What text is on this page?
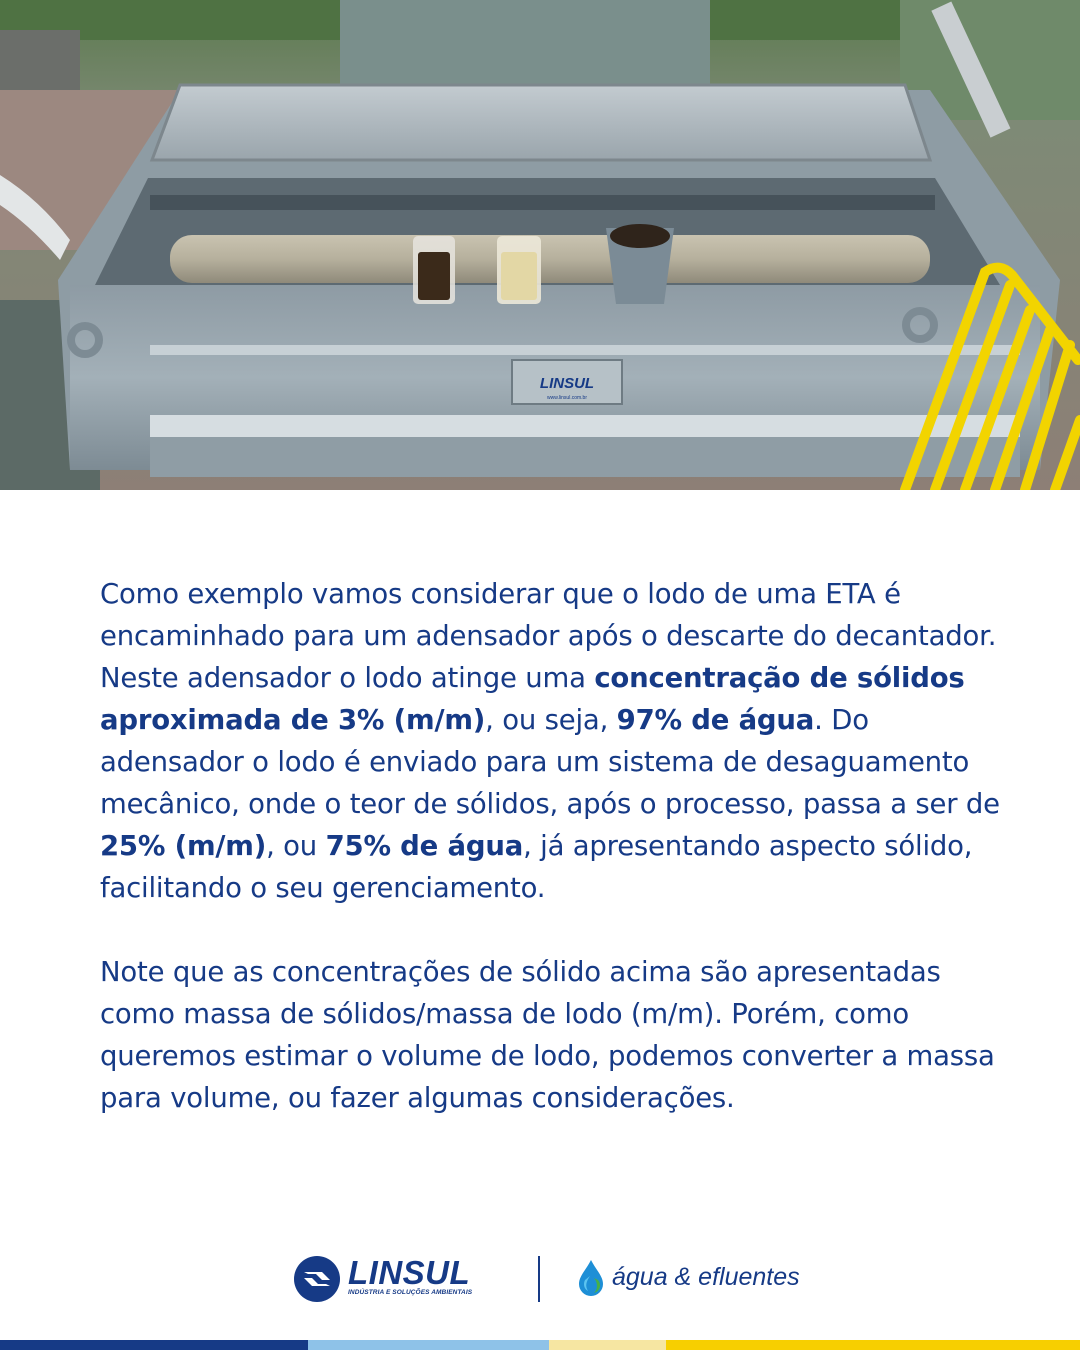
LINSUL
www.linsul.com.br

Como exemplo vamos considerar que o lodo de uma ETA é encaminhado para um adensador após o descarte do decantador. Neste adensador o lodo atinge uma concentração de sólidos aproximada de 3% (m/m), ou seja, 97% de água. Do adensador o lodo é enviado para um sistema de desaguamento mecânico, onde o teor de sólidos, após o processo, passa a ser de 25% (m/m), ou 75% de água, já apresentando aspecto sólido, facilitando o seu gerenciamento.

Note que as concentrações de sólido acima são apresentadas como massa de sólidos/massa de lodo (m/m). Porém, como queremos estimar o volume de lodo, podemos converter a massa para volume, ou fazer algumas considerações.

LINSUL
INDÚSTRIA E SOLUÇÕES AMBIENTAIS
água & efluentes
